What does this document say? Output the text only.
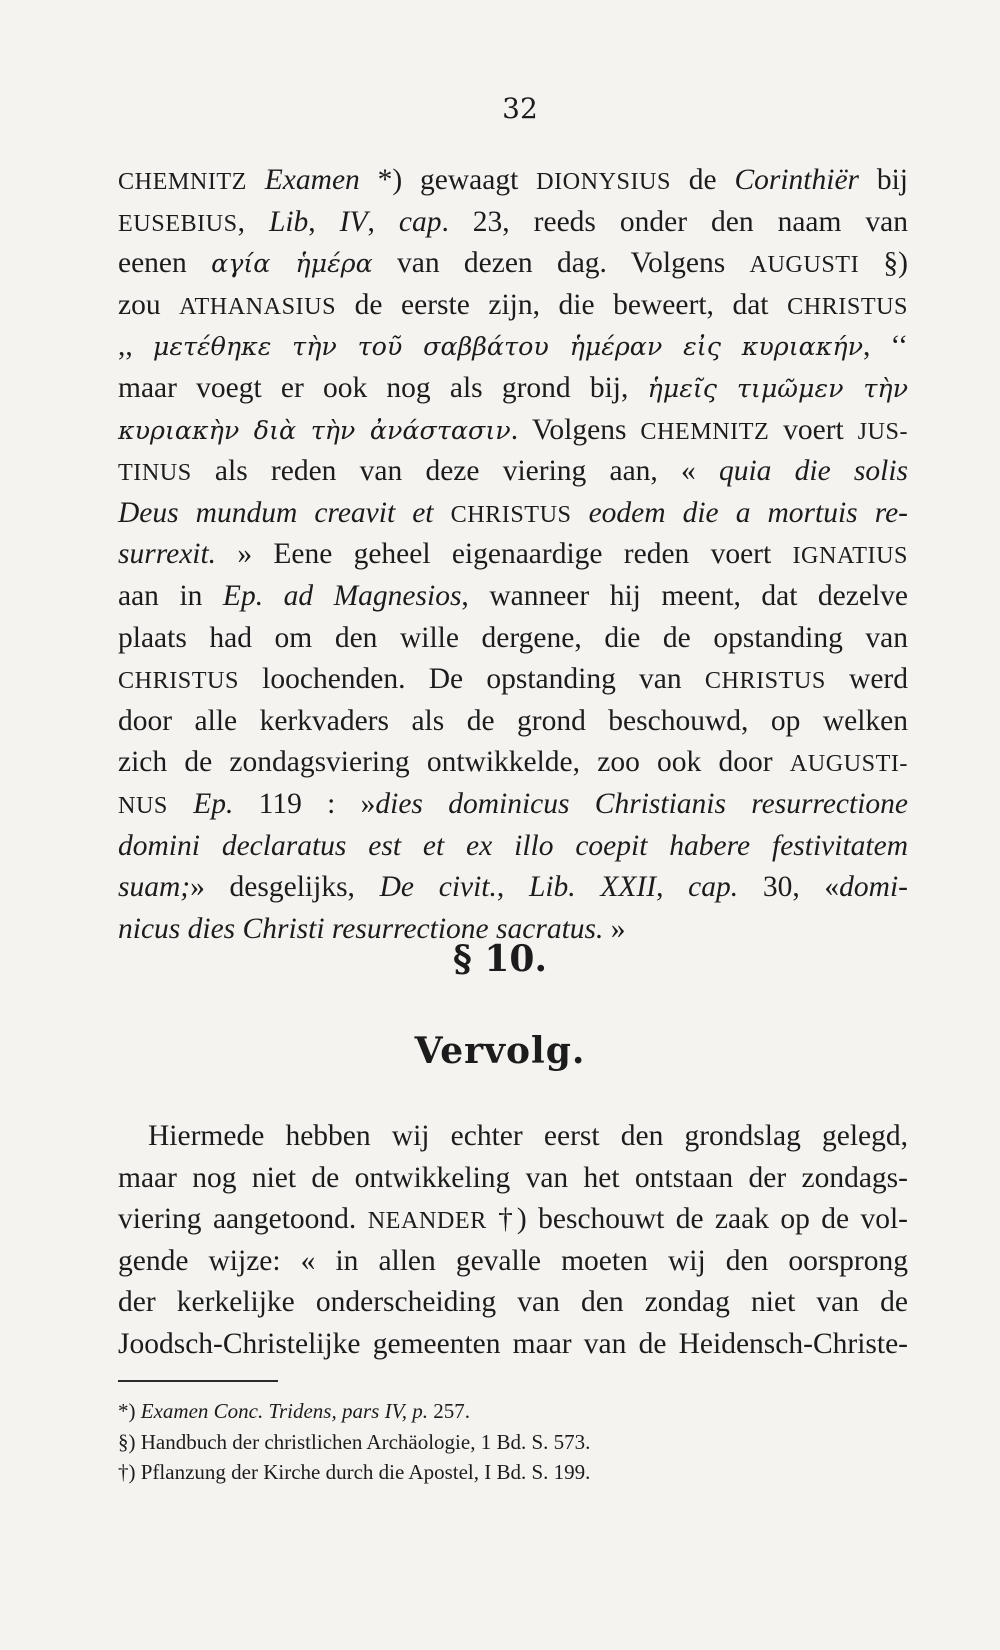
32
CHEMNITZ Examen *) gewaagt DIONYSIUS de Corinthiër bij
EUSEBIUS, Lib, IV, cap. 23, reeds onder den naam van
eenen αγία ἡμέρα van dezen dag. Volgens AUGUSTI §)
zou ATHANASIUS de eerste zijn, die beweert, dat CHRISTUS
,, μετέθηκε τὴν τοῦ σαββάτου ἡμέραν εἰς κυριακήν, ‘‘
maar voegt er ook nog als grond bij, ἡμεῖς τιμῶμεν τὴν
κυριακὴν διὰ τὴν ἀνάστασιν. Volgens CHEMNITZ voert JUS-
TINUS als reden van deze viering aan, « quia die solis
Deus mundum creavit et CHRISTUS eodem die a mortuis re-
surrexit. » Eene geheel eigenaardige reden voert IGNATIUS
aan in Ep. ad Magnesios, wanneer hij meent, dat dezelve
plaats had om den wille dergene, die de opstanding van
CHRISTUS loochenden. De opstanding van CHRISTUS werd
door alle kerkvaders als de grond beschouwd, op welken
zich de zondagsviering ontwikkelde, zoo ook door AUGUSTI-
NUS Ep. 119 : »dies dominicus Christianis resurrectione
domini declaratus est et ex illo coepit habere festivitatem
suam;» desgelijks, De civit., Lib. XXII, cap. 30, «domi-
nicus dies Christi resurrectione sacratus. »
§ 10.
Vervolg.
Hiermede hebben wij echter eerst den grondslag gelegd,
maar nog niet de ontwikkeling van het ontstaan der zondags-
viering aangetoond. NEANDER †) beschouwt de zaak op de vol-
gende wijze: « in allen gevalle moeten wij den oorsprong
der kerkelijke onderscheiding van den zondag niet van de
Joodsch-Christelijke gemeenten maar van de Heidensch-Christe-
*) Examen Conc. Tridens, pars IV, p. 257.
§) Handbuch der christlichen Archäologie, 1 Bd. S. 573.
†) Pflanzung der Kirche durch die Apostel, I Bd. S. 199.
